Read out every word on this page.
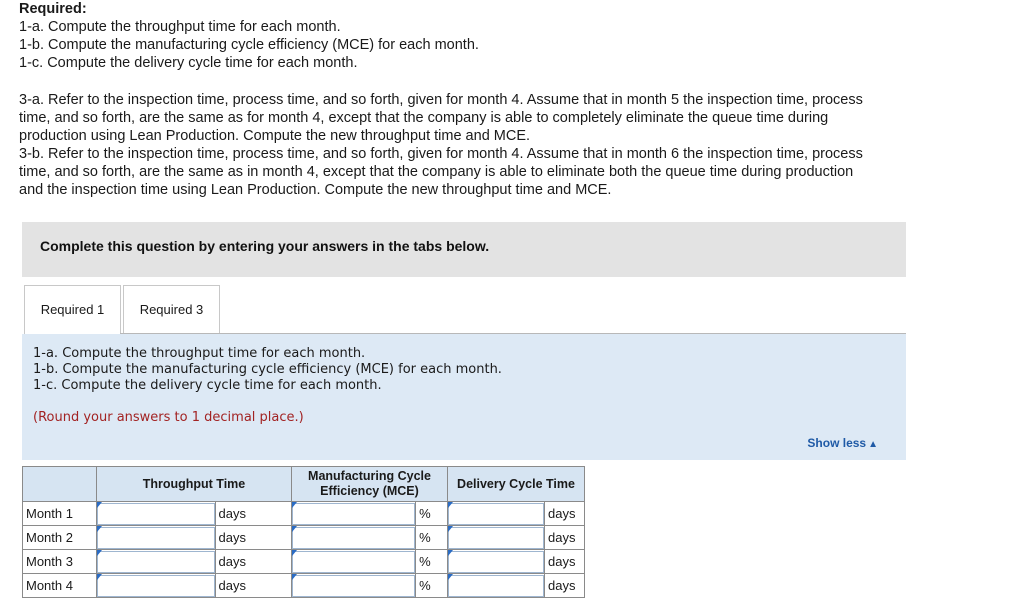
Required:
1-a. Compute the throughput time for each month.
1-b. Compute the manufacturing cycle efficiency (MCE) for each month.
1-c. Compute the delivery cycle time for each month.
3-a. Refer to the inspection time, process time, and so forth, given for month 4. Assume that in month 5 the inspection time, process
time, and so forth, are the same as for month 4, except that the company is able to completely eliminate the queue time during
production using Lean Production. Compute the new throughput time and MCE.
3-b. Refer to the inspection time, process time, and so forth, given for month 4. Assume that in month 6 the inspection time, process
time, and so forth, are the same as in month 4, except that the company is able to eliminate both the queue time during production
and the inspection time using Lean Production. Compute the new throughput time and MCE.
Complete this question by entering your answers in the tabs below.
Required 1	Required 3
1-a. Compute the throughput time for each month.
1-b. Compute the manufacturing cycle efficiency (MCE) for each month.
1-c. Compute the delivery cycle time for each month.
(Round your answers to 1 decimal place.)
Show less ▲
	Throughput Time		Manufacturing Cycle Efficiency (MCE)		Delivery Cycle Time	
Month 1		days		%		days
Month 2		days		%		days
Month 3		days		%		days
Month 4		days		%		days
